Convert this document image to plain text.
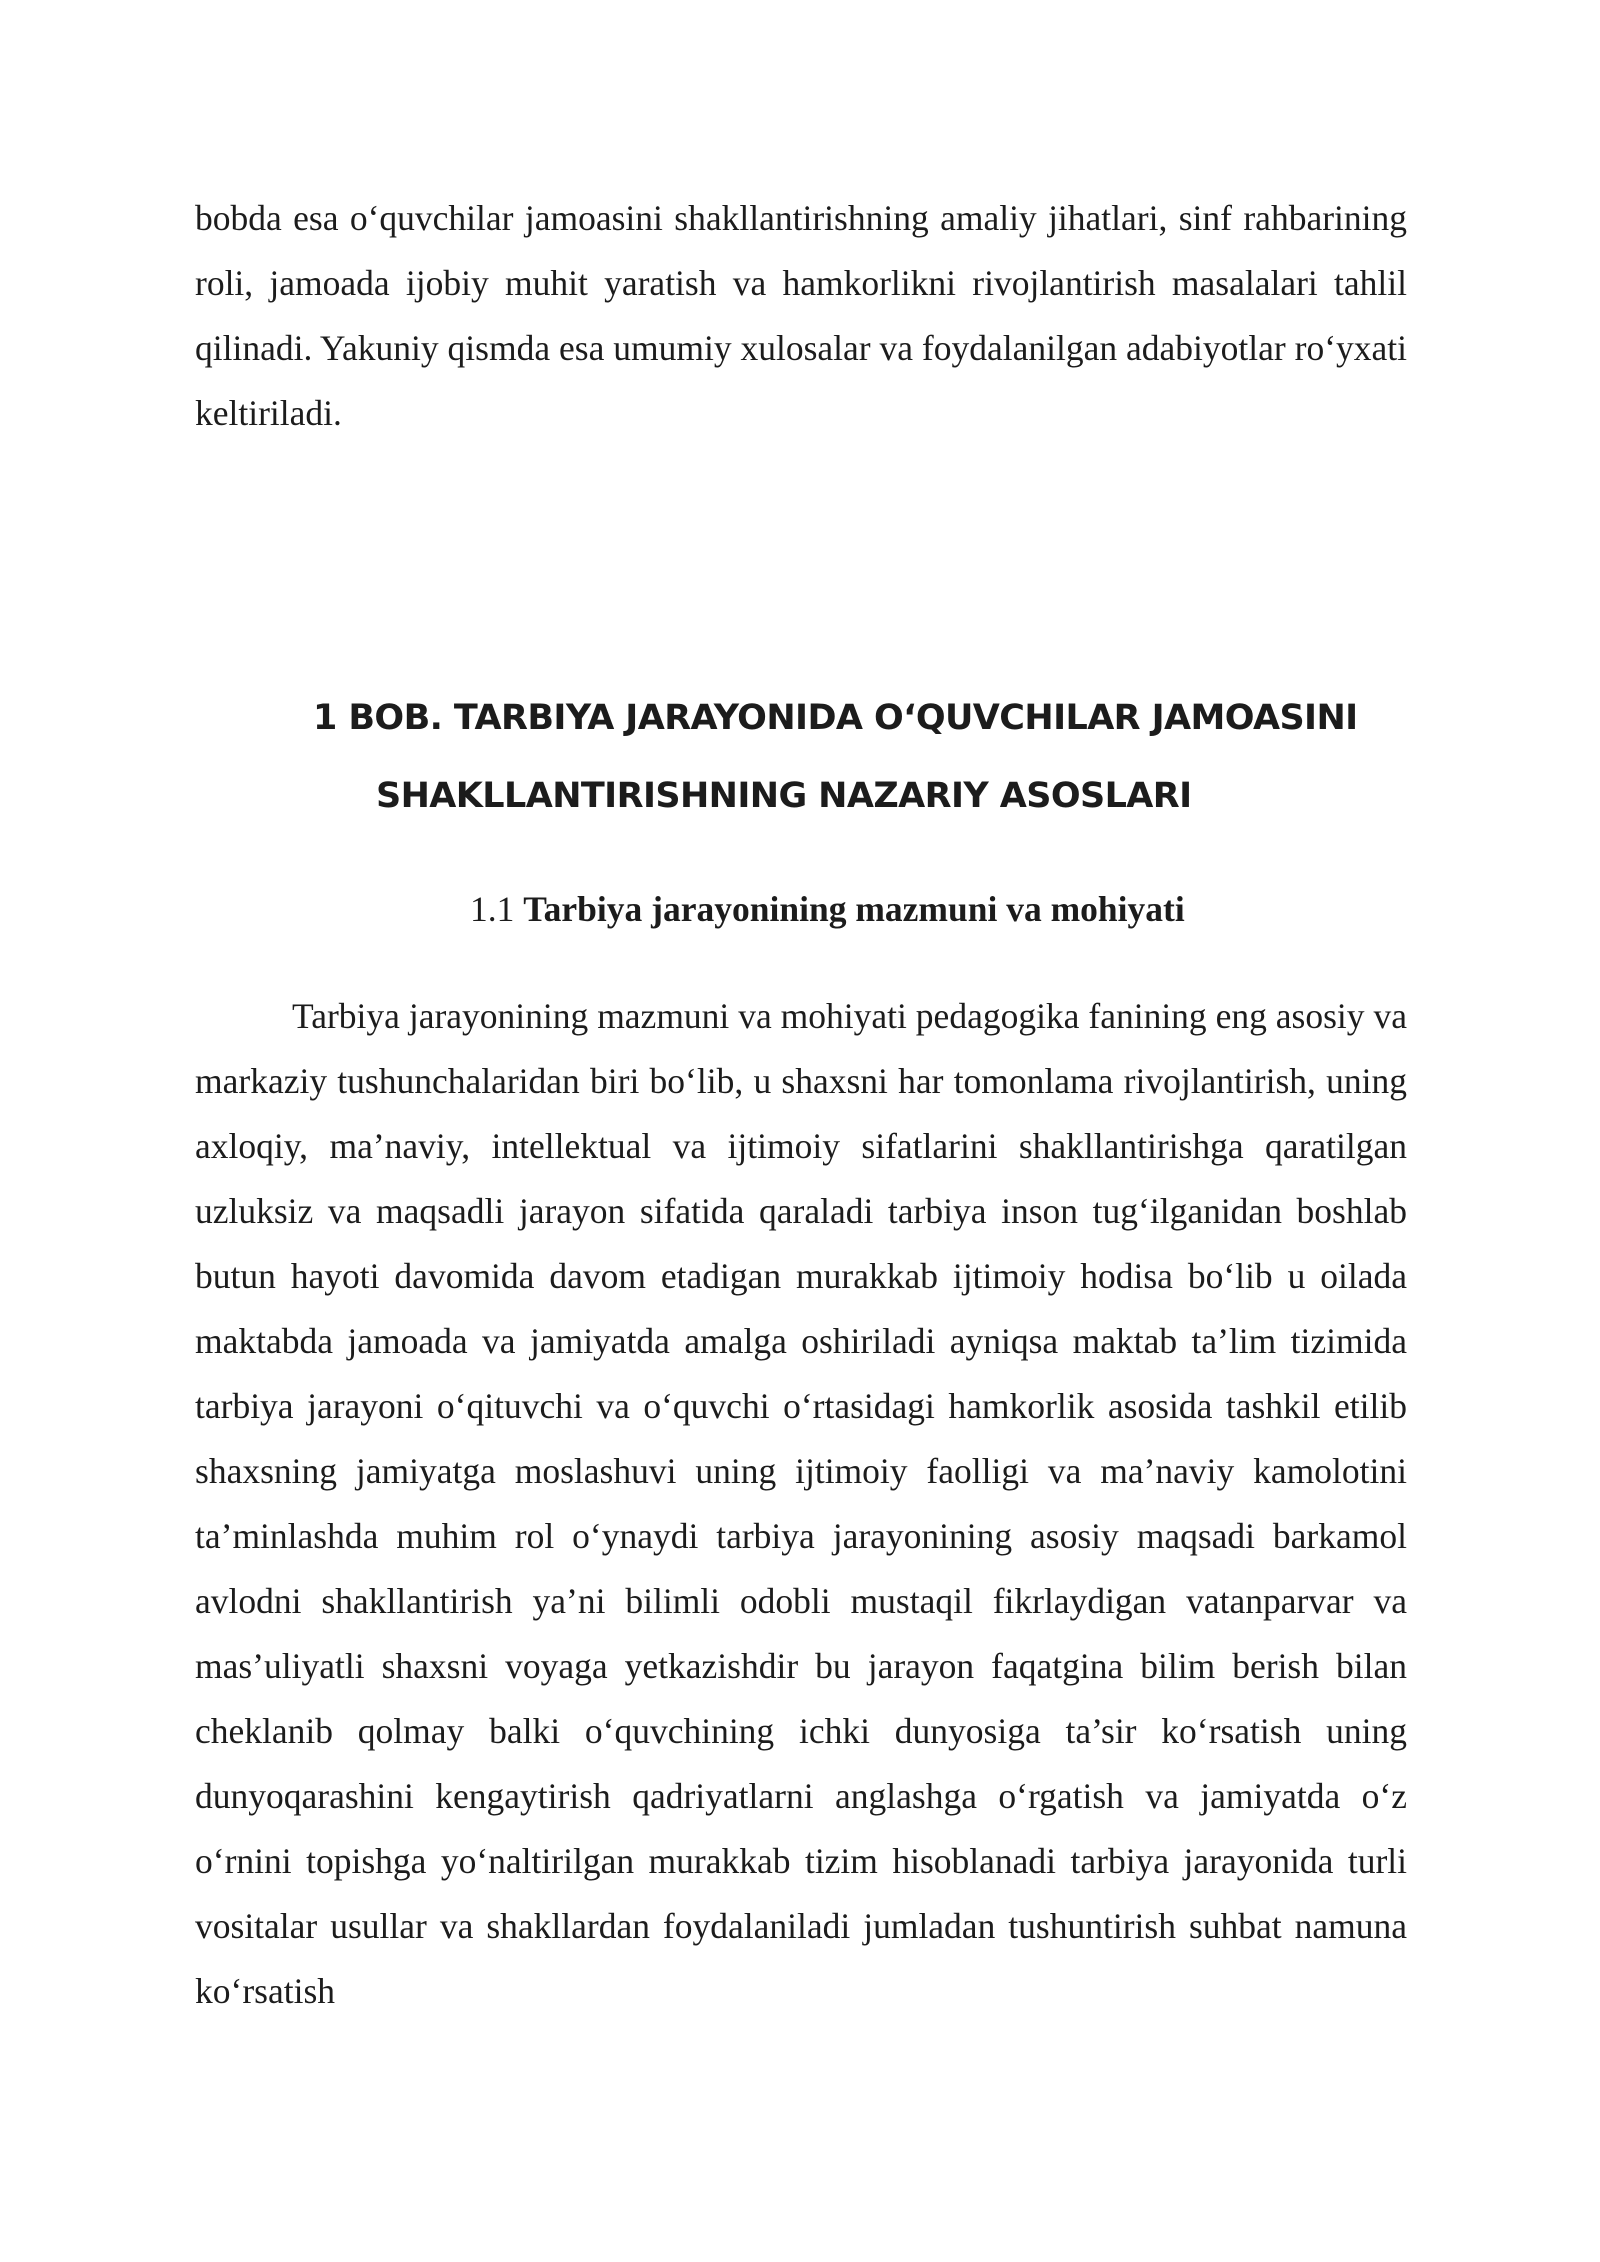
bobda esa o‘quvchilar jamoasini shakllantirishning amaliy jihatlari, sinf rahbarining roli, jamoada ijobiy muhit yaratish va hamkorlikni rivojlantirish masalalari tahlil qilinadi. Yakuniy qismda esa umumiy xulosalar va foydalanilgan adabiyotlar ro‘yxati keltiriladi.

1 BOB. TARBIYA JARAYONIDA O‘QUVCHILAR JAMOASINI
SHAKLLANTIRISHNING NAZARIY ASOSLARI
1.1 Tarbiya jarayonining mazmuni va mohiyati

Tarbiya jarayonining mazmuni va mohiyati pedagogika fanining eng asosiy va markaziy tushunchalaridan biri bo‘lib, u shaxsni har tomonlama rivojlantirish, uning axloqiy, ma’naviy, intellektual va ijtimoiy sifatlarini shakllantirishga qaratilgan uzluksiz va maqsadli jarayon sifatida qaraladi tarbiya inson tug‘ilganidan boshlab butun hayoti davomida davom etadigan murakkab ijtimoiy hodisa bo‘lib u oilada maktabda jamoada va jamiyatda amalga oshiriladi ayniqsa maktab ta’lim tizimida tarbiya jarayoni o‘qituvchi va o‘quvchi o‘rtasidagi hamkorlik asosida tashkil etilib shaxsning jamiyatga moslashuvi uning ijtimoiy faolligi va ma’naviy kamolotini ta’minlashda muhim rol o‘ynaydi tarbiya jarayonining asosiy maqsadi barkamol avlodni shakllantirish ya’ni bilimli odobli mustaqil fikrlaydigan vatanparvar va mas’uliyatli shaxsni voyaga yetkazishdir bu jarayon faqatgina bilim berish bilan cheklanib qolmay balki o‘quvchining ichki dunyosiga ta’sir ko‘rsatish uning dunyoqarashini kengaytirish qadriyatlarni anglashga o‘rgatish va jamiyatda o‘z o‘rnini topishga yo‘naltirilgan murakkab tizim hisoblanadi tarbiya jarayonida turli vositalar usullar va shakllardan foydalaniladi jumladan tushuntirish suhbat namuna ko‘rsatish
